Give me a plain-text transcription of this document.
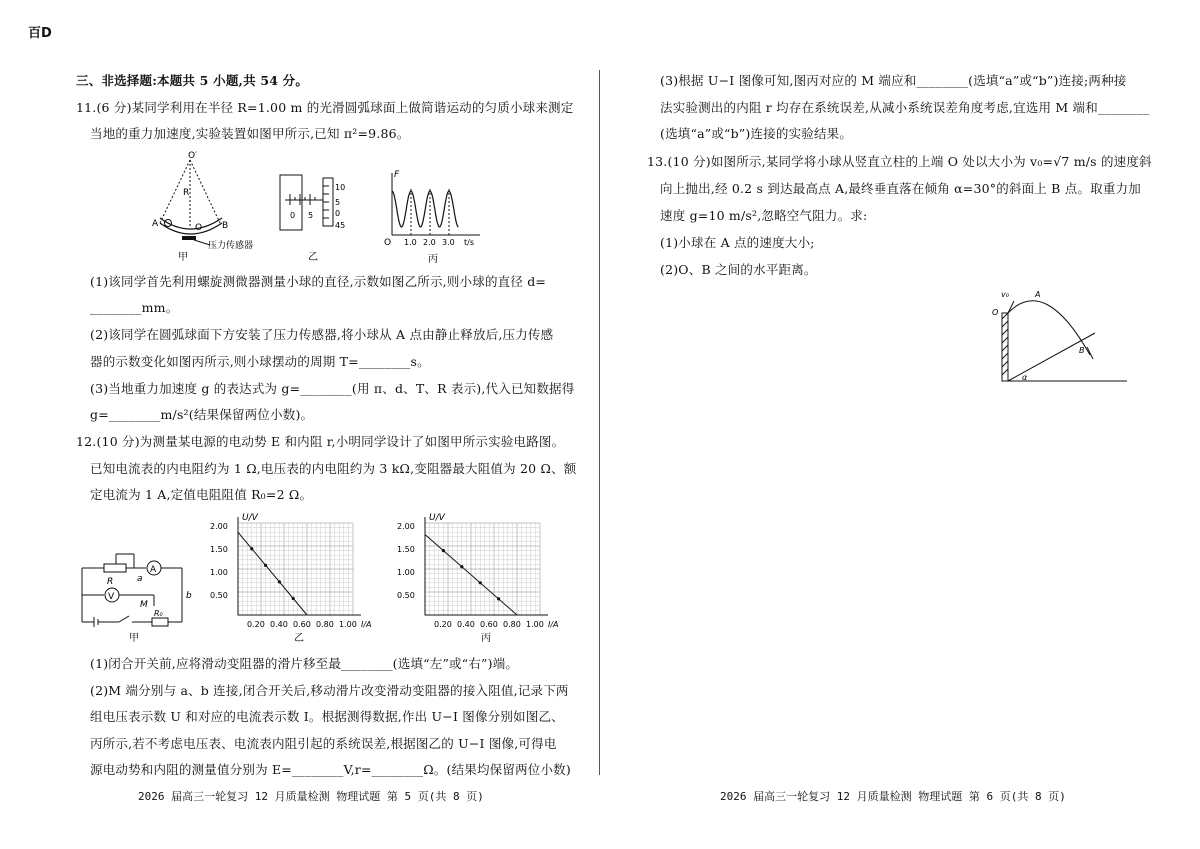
百D
三、非选择题:本题共 5 小题,共 54 分。
11.(6 分)某同学利用在半径 R=1.00 m 的光滑圆弧球面上做简谐运动的匀质小球来测定
当地的重力加速度,实验装置如图甲所示,已知 π²=9.86。
O′
R
A	O B
压力传感器
甲
10
5
0
45
0 5
乙
F
O 1.0 2.0 3.0 t/s
丙
(1)该同学首先利用螺旋测微器测量小球的直径,示数如图乙所示,则小球的直径 d=
________mm。
(2)该同学在圆弧球面下方安装了压力传感器,将小球从 A 点由静止释放后,压力传感
器的示数变化如图丙所示,则小球摆动的周期 T=________s。
(3)当地重力加速度 g 的表达式为 g=________(用 π、d、T、R 表示),代入已知数据得
g=________m/s²(结果保留两位小数)。
12.(10 分)为测量某电源的电动势 E 和内阻 r,小明同学设计了如图甲所示实验电路图。
已知电流表的内电阻约为 1 Ω,电压表的内电阻约为 3 kΩ,变阻器最大阻值为 20 Ω、额
定电流为 1 A,定值电阻阻值 R₀=2 Ω。
A
V
R	a
b
M
R₀
甲
U/V
2.00
1.50
1.00
0.50
0.20 0.40 0.60 0.80 1.00 I/A
乙
U/V
2.00
1.50
1.00
0.50
0.20 0.40 0.60 0.80 1.00 I/A
丙
(1)闭合开关前,应将滑动变阻器的滑片移至最________(选填“左”或“右”)端。
(2)M 端分别与 a、b 连接,闭合开关后,移动滑片改变滑动变阻器的接入阻值,记录下两
组电压表示数 U 和对应的电流表示数 I。根据测得数据,作出 U−I 图像分别如图乙、
丙所示,若不考虑电压表、电流表内阻引起的系统误差,根据图乙的 U−I 图像,可得电
源电动势和内阻的测量值分别为 E=________V,r=________Ω。(结果均保留两位小数)
(3)根据 U−I 图像可知,图丙对应的 M 端应和________(选填“a”或“b”)连接;两种接
法实验测出的内阻 r 均存在系统误差,从减小系统误差角度考虑,宜选用 M 端和________
(选填“a”或“b”)连接的实验结果。
13.(10 分)如图所示,某同学将小球从竖直立柱的上端 O 处以大小为 v₀=√7 m/s 的速度斜
向上抛出,经 0.2 s 到达最高点 A,最终垂直落在倾角 α=30°的斜面上 B 点。取重力加
速度 g=10 m/s²,忽略空气阻力。求:
(1)小球在 A 点的速度大小;
(2)O、B 之间的水平距离。
v₀	A
O
B
α
2026 届高三一轮复习 12 月质量检测 物理试题 第 5 页(共 8 页)	2026 届高三一轮复习 12 月质量检测 物理试题 第 6 页(共 8 页)
